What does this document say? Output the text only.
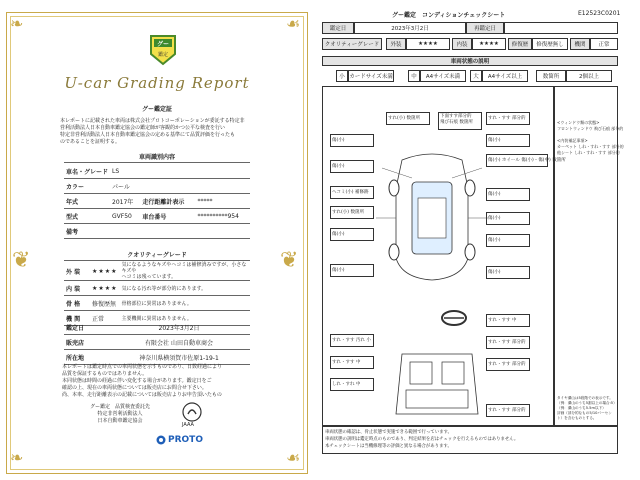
❦	❦
❧	☙
❧	☙
グー
鑑定
U-car Grading Report
グー鑑定証
本レポートに記載された車両は株式会社プロトコーポレーションが委託する特定非
営利活動法人日本自動車鑑定協会の鑑定師が客観的かつ公平な検査を行い
特定非営利活動法人日本自動車鑑定協会の定める基準にて品質評価を行ったも
のであることを証明する。
車両識別内容
車名・グレード	LS		
カラー	パール		
年式	2017年	走行距離計表示	*****
型式	GVF50	車台番号	**********954
備考			
クオリティーグレード
外 装	★★★★	気になるようなキズやヘコミは補修済みですが、小さなキズや
ヘコミは残っています。
内 装	★★★★	気になる汚れ等が部分的にあります。
骨 格	修復歴無	骨格部位に異常はありません。
機 関	正常	主要機関に異常はありません。
鑑定日	2023年3月2日
販売店	有限会社 山田自動車商会
所在地	神奈川県横須賀市佐原1-19-1
本レポートは鑑定時点での車両状態を示すものであり、日数経過により
品質を保証するものではありません。
本同状態は時間の経過に伴い変化する場合があります。鑑定日をご
確認の上、現在の車両状態については販売店にお問合せ下さい。
尚、本車、走行距離表示の記載については販売店よりお申告頂いたもの
グー鑑定　品質検査委託先
特定非営利活動法人
日本自動車鑑定協会
JAAA
PROTO
グー鑑定　コンディションチェックシート	E12523C0201
鑑定日	2023年3月2日	再鑑定日
クオリティーグレード	外装	★★★★	内装	★★★★	修復歴	修復歴無し	機関	正常
車両状態の説明
小 カードサイズ未満	中	A4サイズ未満	大	A4サイズ以上	数箇所	2個以上
すれ(小) 数箇所
傷(小)
傷(小)
ヘコミ(小) 補修跡
すれ(小) 数箇所
傷(小)
傷(小)
下面すす部分的
飛び石痕 数箇所
すれ・すす 部分的
傷(小)
傷(小) ホイール 傷(小)・傷(中) 数箇所
傷(小)
傷(小)
傷(小)
傷(小)
すれ・すす 汚れ 小
すれ・すす 中
しれ・すれ 中
すれ・すす 中
すれ・すす 部分的
すれ・すす 部分的
すれ・すす 部分的
<ウィンドウ類の状態>
フロントウィンドウ 飛び石痕 部分的

<内装補記事項>
カーペット しれ・すれ・すす 部分的
他シート しれ・すれ・すす 部分的
タイヤ溝山は5段階での表示です。
（例：溝山のうち5割以上の場合:5）
（例：溝山のうち5.5m以下）
評価（部分的なもの5/10パーセン
ト）を含むものとする。
車両状態の確認は、骨止状態で実施できる範囲で行っています。
車両状態の説明は鑑定時点のものであり、判定結果を店はチェックを行えるものではありません。
本チェックシートは当機修理等の評価と異なる場合があります。
